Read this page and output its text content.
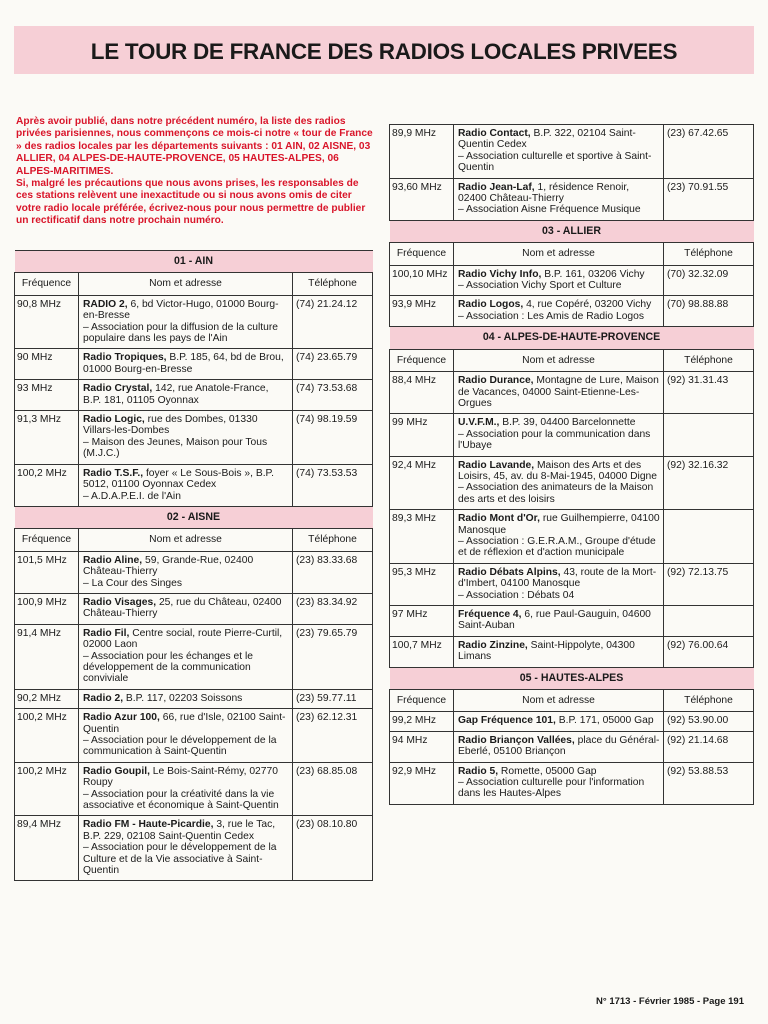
LE TOUR DE FRANCE DES RADIOS LOCALES PRIVEES

Après avoir publié, dans notre précédent numéro, la liste des radios privées parisiennes, nous commençons ce mois-ci notre « tour de France » des radios locales par les départements suivants : 01 AIN, 02 AISNE, 03 ALLIER, 04 ALPES-DE-HAUTE-PROVENCE, 05 HAUTES-ALPES, 06 ALPES-MARITIMES.

Si, malgré les précautions que nous avons prises, les responsables de ces stations relèvent une inexactitude ou si nous avons omis de citer votre radio locale préférée, écrivez-nous pour nous permettre de publier un rectificatif dans notre prochain numéro.

01 - AIN		
Fréquence	Nom et adresse	Téléphone
90,8 MHz	RADIO 2, 6, bd Victor-Hugo, 01000 Bourg-en-Bresse
– Association pour la diffusion de la culture populaire dans les pays de l'Ain	(74) 21.24.12
90 MHz	Radio Tropiques, B.P. 185, 64, bd de Brou, 01000 Bourg-en-Bresse	(74) 23.65.79
93 MHz	Radio Crystal, 142, rue Anatole-France, B.P. 181, 01105 Oyonnax	(74) 73.53.68
91,3 MHz	Radio Logic, rue des Dombes, 01330 Villars-les-Dombes
– Maison des Jeunes, Maison pour Tous (M.J.C.)	(74) 98.19.59
100,2 MHz	Radio T.S.F., foyer « Le Sous-Bois », B.P. 5012, 01100 Oyonnax Cedex
– A.D.A.P.E.I. de l'Ain	(74) 73.53.53
02 - AISNE		
Fréquence	Nom et adresse	Téléphone
101,5 MHz	Radio Aline, 59, Grande-Rue, 02400 Château-Thierry
– La Cour des Singes	(23) 83.33.68
100,9 MHz	Radio Visages, 25, rue du Château, 02400 Château-Thierry	(23) 83.34.92
91,4 MHz	Radio Fil, Centre social, route Pierre-Curtil, 02000 Laon
– Association pour les échanges et le développement de la communication conviviale	(23) 79.65.79
90,2 MHz	Radio 2, B.P. 117, 02203 Soissons	(23) 59.77.11
100,2 MHz	Radio Azur 100, 66, rue d'Isle, 02100 Saint-Quentin
– Association pour le développement de la communication à Saint-Quentin	(23) 62.12.31
100,2 MHz	Radio Goupil, Le Bois-Saint-Rémy, 02770 Roupy
– Association pour la créativité dans la vie associative et économique à Saint-Quentin	(23) 68.85.08
89,4 MHz	Radio FM - Haute-Picardie, 3, rue le Tac, B.P. 229, 02108 Saint-Quentin Cedex
– Association pour le développement de la Culture et de la Vie associative à Saint-Quentin	(23) 08.10.80
89,9 MHz	Radio Contact, B.P. 322, 02104 Saint-Quentin Cedex
– Association culturelle et sportive à Saint-Quentin	(23) 67.42.65
93,60 MHz	Radio Jean-Laf, 1, résidence Renoir, 02400 Château-Thierry
– Association Aisne Fréquence Musique	(23) 70.91.55
03 - ALLIER		
Fréquence	Nom et adresse	Téléphone
100,10 MHz	Radio Vichy Info, B.P. 161, 03206 Vichy
– Association Vichy Sport et Culture	(70) 32.32.09
93,9 MHz	Radio Logos, 4, rue Copéré, 03200 Vichy
– Association : Les Amis de Radio Logos	(70) 98.88.88
04 - ALPES-DE-HAUTE-PROVENCE		
Fréquence	Nom et adresse	Téléphone
88,4 MHz	Radio Durance, Montagne de Lure, Maison de Vacances, 04000 Saint-Etienne-Les-Orgues	(92) 31.31.43
99 MHz	U.V.F.M., B.P. 39, 04400 Barcelonnette
– Association pour la communication dans l'Ubaye	
92,4 MHz	Radio Lavande, Maison des Arts et des Loisirs, 45, av. du 8-Mai-1945, 04000 Digne
– Association des animateurs de la Maison des arts et des loisirs	(92) 32.16.32
89,3 MHz	Radio Mont d'Or, rue Guilhempierre, 04100 Manosque
– Association : G.E.R.A.M., Groupe d'étude et de réflexion et d'action municipale	
95,3 MHz	Radio Débats Alpins, 43, route de la Mort-d'Imbert, 04100 Manosque
– Association : Débats 04	(92) 72.13.75
97 MHz	Fréquence 4, 6, rue Paul-Gauguin, 04600 Saint-Auban	
100,7 MHz	Radio Zinzine, Saint-Hippolyte, 04300 Limans	(92) 76.00.64
05 - HAUTES-ALPES		
Fréquence	Nom et adresse	Téléphone
99,2 MHz	Gap Fréquence 101, B.P. 171, 05000 Gap	(92) 53.90.00
94 MHz	Radio Briançon Vallées, place du Général-Eberlé, 05100 Briançon	(92) 21.14.68
92,9 MHz	Radio 5, Romette, 05000 Gap
– Association culturelle pour l'information dans les Hautes-Alpes	(92) 53.88.53
N° 1713 - Février 1985 - Page 191
